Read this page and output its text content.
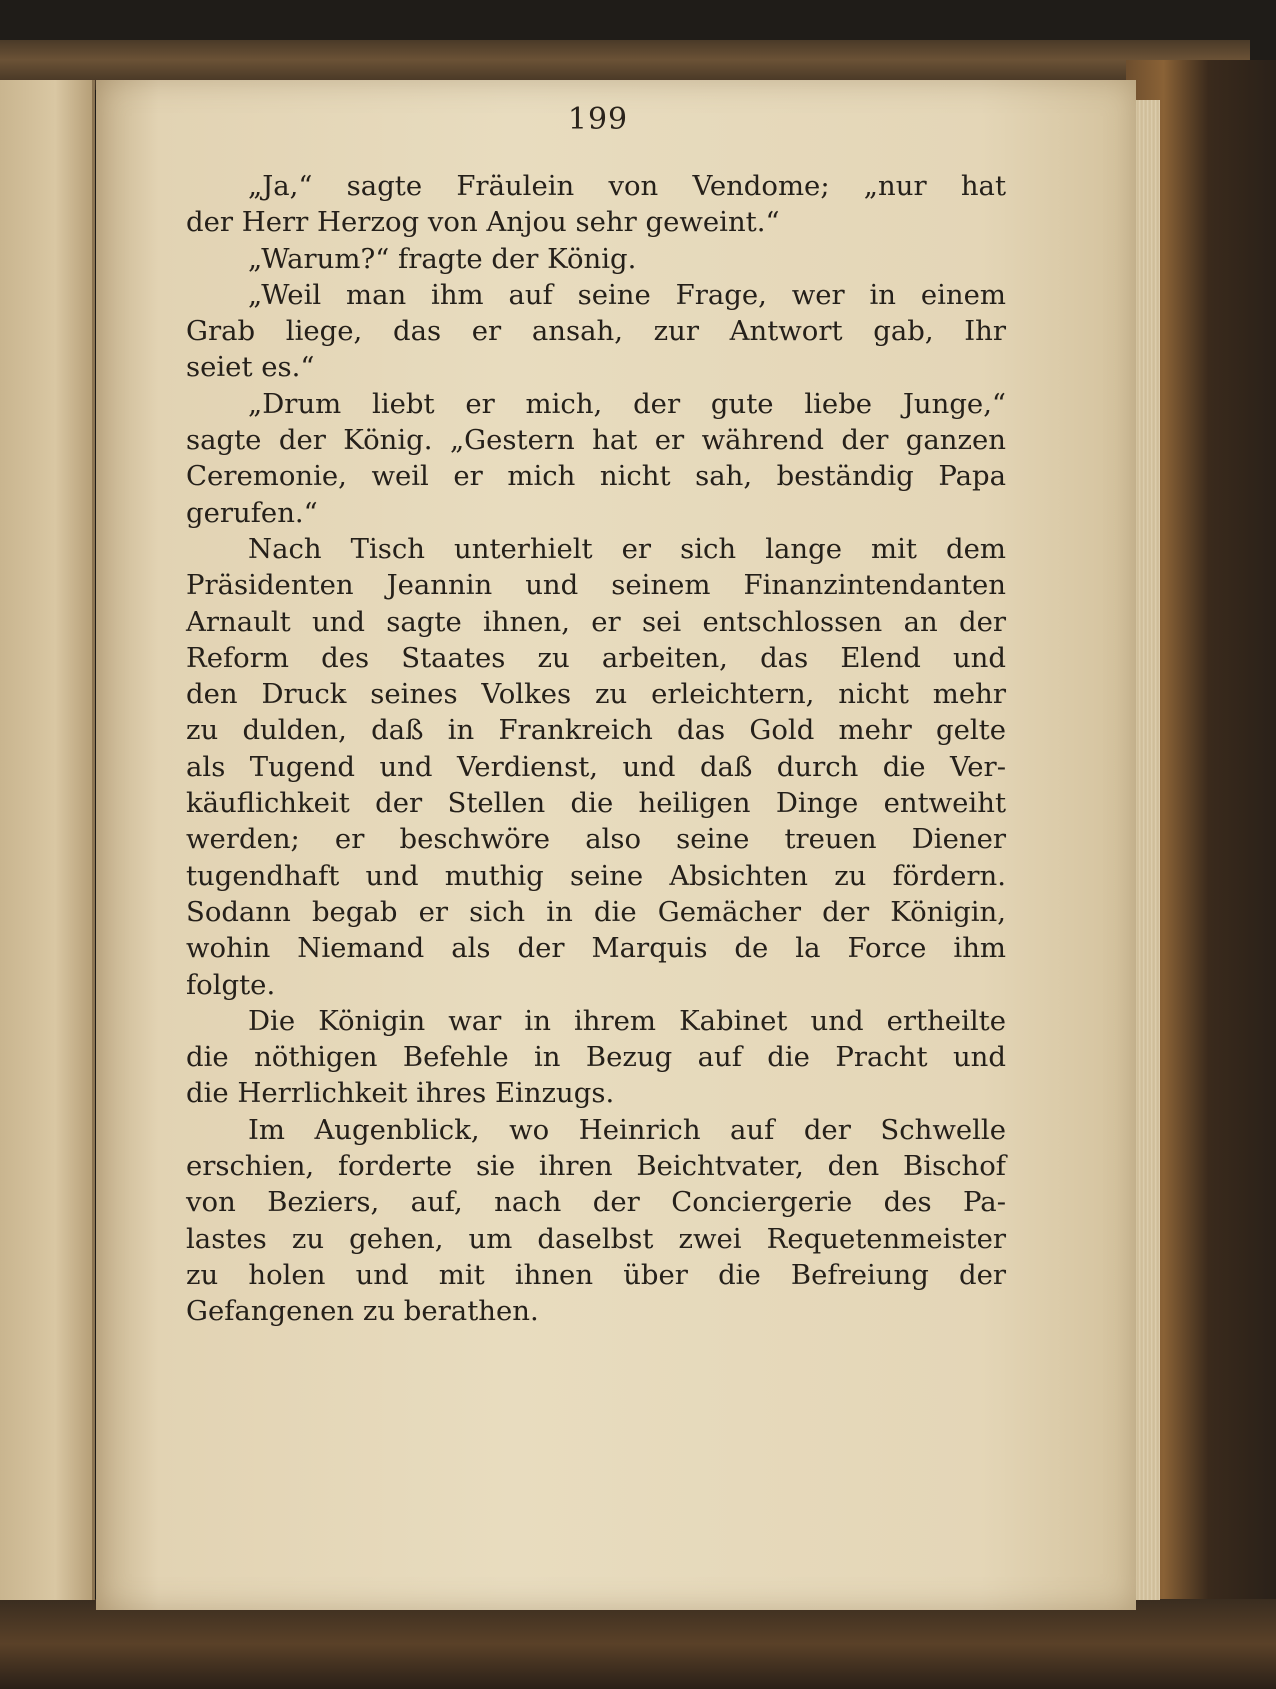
199
„Ja,“ sagte Fräulein von Vendome; „nur hat
der Herr Herzog von Anjou sehr geweint.“
„Warum?“ fragte der König.
„Weil man ihm auf seine Frage, wer in einem
Grab liege, das er ansah, zur Antwort gab, Ihr
seiet es.“
„Drum liebt er mich, der gute liebe Junge,“
sagte der König. „Gestern hat er während der ganzen
Ceremonie, weil er mich nicht sah, beständig Papa
gerufen.“
Nach Tisch unterhielt er sich lange mit dem
Präsidenten Jeannin und seinem Finanzintendanten
Arnault und sagte ihnen, er sei entschlossen an der
Reform des Staates zu arbeiten, das Elend und
den Druck seines Volkes zu erleichtern, nicht mehr
zu dulden, daß in Frankreich das Gold mehr gelte
als Tugend und Verdienst, und daß durch die Ver-
käuflichkeit der Stellen die heiligen Dinge entweiht
werden; er beschwöre also seine treuen Diener
tugendhaft und muthig seine Absichten zu fördern.
Sodann begab er sich in die Gemächer der Königin,
wohin Niemand als der Marquis de la Force ihm
folgte.
Die Königin war in ihrem Kabinet und ertheilte
die nöthigen Befehle in Bezug auf die Pracht und
die Herrlichkeit ihres Einzugs.
Im Augenblick, wo Heinrich auf der Schwelle
erschien, forderte sie ihren Beichtvater, den Bischof
von Beziers, auf, nach der Conciergerie des Pa-
lastes zu gehen, um daselbst zwei Requetenmeister
zu holen und mit ihnen über die Befreiung der
Gefangenen zu berathen.
